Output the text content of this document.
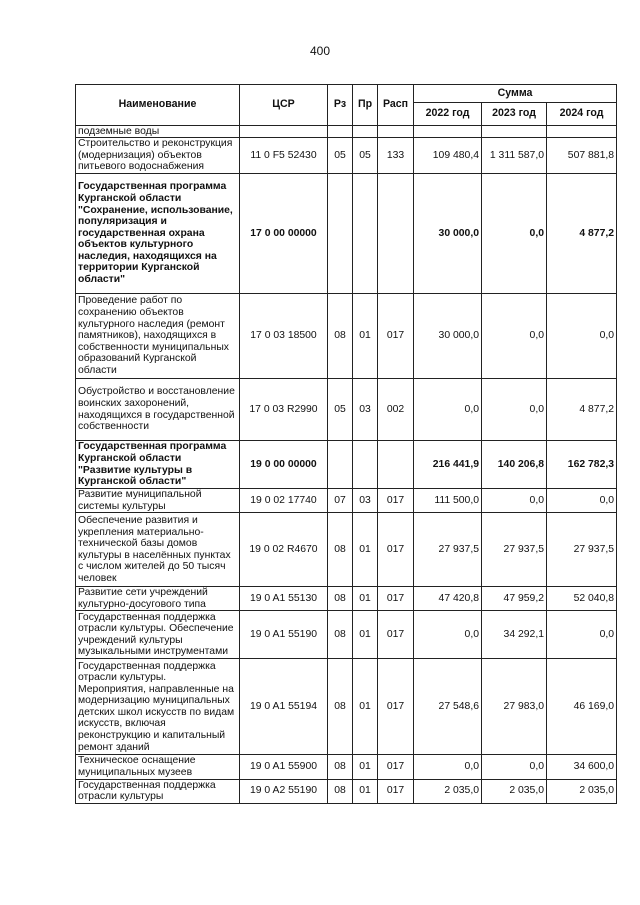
400
Наименование	ЦСР	Рз	Пр	Расп	Сумма		
					2022 год	2023 год	2024 год
подземные воды							
Строительство и реконструкция (модернизация) объектов питьевого водоснабжения	11 0 F5 52430	05	05	133	109 480,4	1 311 587,0	507 881,8
Государственная программа Курганской области "Сохранение, использование, популяризация и государственная охрана объектов культурного наследия, находящихся на территории Курганской области"	17 0 00 00000				30 000,0	0,0	4 877,2
Проведение работ по сохранению объектов культурного наследия (ремонт памятников), находящихся в собственности муниципальных образований Курганской области	17 0 03 18500	08	01	017	30 000,0	0,0	0,0
Обустройство и восстановление воинских захоронений, находящихся в государственной собственности	17 0 03 R2990	05	03	002	0,0	0,0	4 877,2
Государственная программа Курганской области "Развитие культуры в Курганской области"	19 0 00 00000				216 441,9	140 206,8	162 782,3
Развитие муниципальной системы культуры	19 0 02 17740	07	03	017	111 500,0	0,0	0,0
Обеспечение развития и укрепления материально-технической базы домов культуры в населённых пунктах с числом жителей до 50 тысяч человек	19 0 02 R4670	08	01	017	27 937,5	27 937,5	27 937,5
Развитие сети учреждений культурно-досугового типа	19 0 A1 55130	08	01	017	47 420,8	47 959,2	52 040,8
Государственная поддержка отрасли культуры. Обеспечение учреждений культуры музыкальными инструментами	19 0 A1 55190	08	01	017	0,0	34 292,1	0,0
Государственная поддержка отрасли культуры. Мероприятия, направленные на модернизацию муниципальных детских школ искусств по видам искусств, включая реконструкцию и капитальный ремонт зданий	19 0 A1 55194	08	01	017	27 548,6	27 983,0	46 169,0
Техническое оснащение муниципальных музеев	19 0 A1 55900	08	01	017	0,0	0,0	34 600,0
Государственная поддержка отрасли культуры	19 0 A2 55190	08	01	017	2 035,0	2 035,0	2 035,0
